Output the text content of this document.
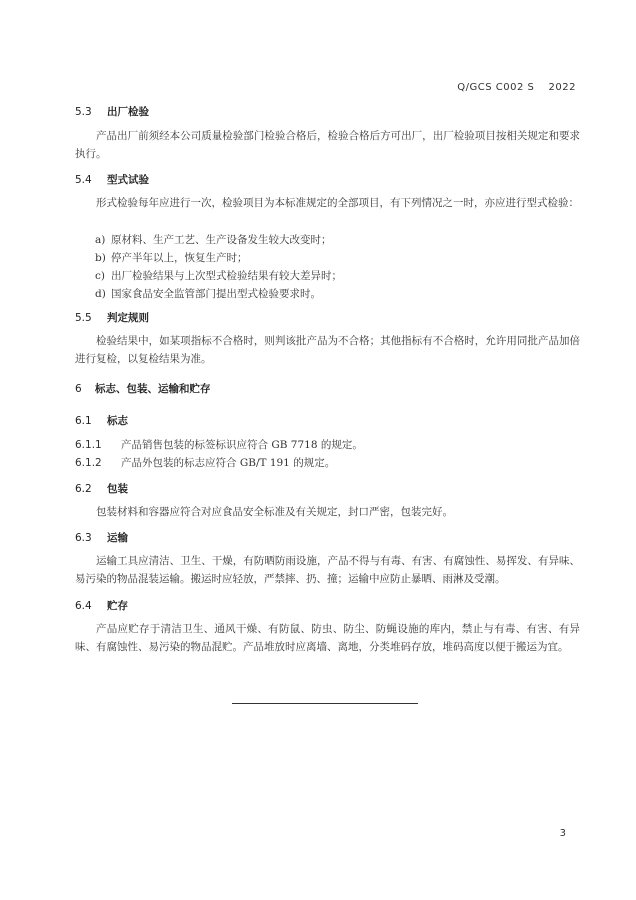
Q/GCS C002 S　 2022
5.3 出厂检验
产品出厂前须经本公司质量检验部门检验合格后，检验合格后方可出厂，出厂检验项目按相关规定和要求执行。
5.4 型式试验
形式检验每年应进行一次，检验项目为本标准规定的全部项目，有下列情况之一时，亦应进行型式检验：
a) 原材料、生产工艺、生产设备发生较大改变时；
b) 停产半年以上，恢复生产时；
c) 出厂检验结果与上次型式检验结果有较大差异时；
d) 国家食品安全监管部门提出型式检验要求时。
5.5 判定规则
检验结果中，如某项指标不合格时，则判该批产品为不合格；其他指标有不合格时，允许用同批产品加倍进行复检，以复检结果为准。
6 标志、包装、运输和贮存
6.1 标志
6.1.1 产品销售包装的标签标识应符合 GB 7718 的规定。
6.1.2 产品外包装的标志应符合 GB/T 191 的规定。
6.2 包装
包装材料和容器应符合对应食品安全标准及有关规定，封口严密，包装完好。
6.3 运输
运输工具应清洁、卫生、干燥，有防晒防雨设施，产品不得与有毒、有害、有腐蚀性、易挥发、有异味、易污染的物品混装运输。搬运时应轻放，严禁摔、扔、撞；运输中应防止暴晒、雨淋及受潮。
6.4 贮存
产品应贮存于清洁卫生、通风干燥、有防鼠、防虫、防尘、防蝇设施的库内，禁止与有毒、有害、有异味、有腐蚀性、易污染的物品混贮。产品堆放时应离墙、离地，分类堆码存放，堆码高度以便于搬运为宜。
3
